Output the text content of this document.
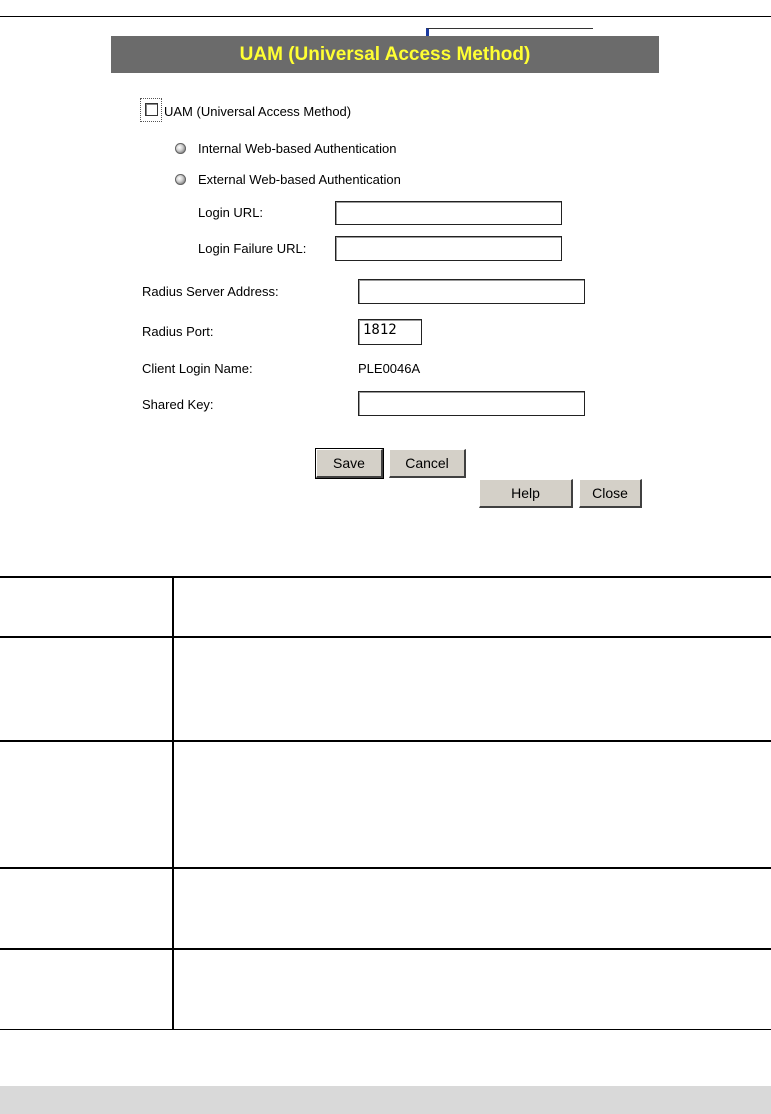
UAM (Universal Access Method)
UAM (Universal Access Method)
Internal Web-based Authentication
External Web-based Authentication
Login URL:
Login Failure URL:
Radius Server Address:
Radius Port:	1812
Client Login Name:	PLE0046A
Shared Key:
Save	Cancel
Help	Close
